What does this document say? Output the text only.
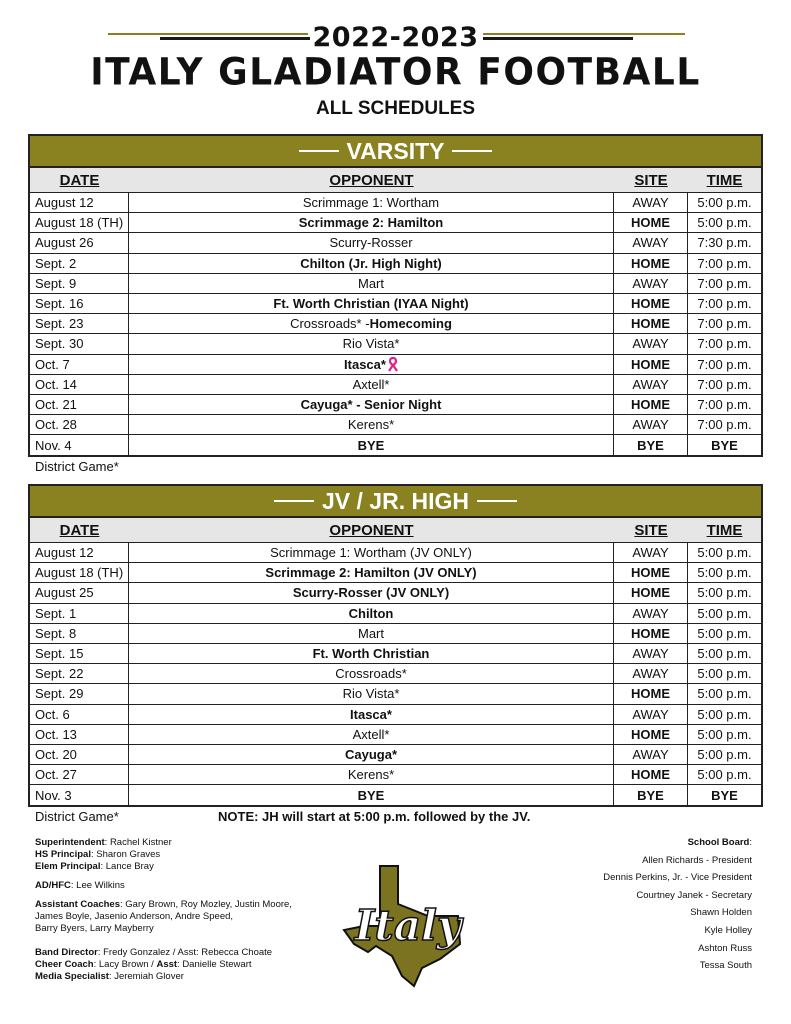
2022-2023
ITALY GLADIATOR FOOTBALL
ALL SCHEDULES
VARSITY
DATE	OPPONENT	SITE	TIME
August 12	Scrimmage 1: Wortham	AWAY 5:00 p.m.
August 18 (TH)	Scrimmage 2: Hamilton	HOME 5:00 p.m.
August 26	Scurry-Rosser	AWAY 7:30 p.m.
Sept. 2	Chilton (Jr. High Night)	HOME 7:00 p.m.
Sept. 9	Mart	AWAY 7:00 p.m.
Sept. 16	Ft. Worth Christian (IYAA Night)	HOME 7:00 p.m.
Sept. 23	Crossroads* - Homecoming	HOME 7:00 p.m.
Sept. 30	Rio Vista*	AWAY 7:00 p.m.
Oct. 7	Itasca*	HOME 7:00 p.m.
Oct. 14	Axtell*	AWAY 7:00 p.m.
Oct. 21	Cayuga* - Senior Night	HOME 7:00 p.m.
Oct. 28	Kerens*	AWAY 7:00 p.m.
Nov. 4	BYE	BYE	BYE
District Game*
JV / JR. HIGH
DATE	OPPONENT	SITE	TIME
August 12	Scrimmage 1: Wortham (JV ONLY)	AWAY 5:00 p.m.
August 18 (TH)	Scrimmage 2: Hamilton (JV ONLY)	HOME 5:00 p.m.
August 25	Scurry-Rosser (JV ONLY)	HOME 5:00 p.m.
Sept. 1	Chilton	AWAY 5:00 p.m.
Sept. 8	Mart	HOME 5:00 p.m.
Sept. 15	Ft. Worth Christian	AWAY 5:00 p.m.
Sept. 22	Crossroads*	AWAY 5:00 p.m.
Sept. 29	Rio Vista*	HOME 5:00 p.m.
Oct. 6	Itasca*	AWAY 5:00 p.m.
Oct. 13	Axtell*	HOME 5:00 p.m.
Oct. 20	Cayuga*	AWAY 5:00 p.m.
Oct. 27	Kerens*	HOME 5:00 p.m.
Nov. 3	BYE	BYE	BYE
District Game*	NOTE: JH will start at 5:00 p.m. followed by the JV.
Superintendent: Rachel Kistner
HS Principal: Sharon Graves
Elem Principal: Lance Bray
AD/HFC: Lee Wilkins
Assistant Coaches: Gary Brown, Roy Mozley, Justin Moore,
James Boyle, Jasenio Anderson, Andre Speed,
Barry Byers, Larry Mayberry
Band Director: Fredy Gonzalez / Asst: Rebecca Choate
Cheer Coach: Lacy Brown / Asst: Danielle Stewart
Media Specialist: Jeremiah Glover
Italy
School Board:
Allen Richards - President
Dennis Perkins, Jr. - Vice President
Courtney Janek - Secretary
Shawn Holden
Kyle Holley
Ashton Russ
Tessa South
